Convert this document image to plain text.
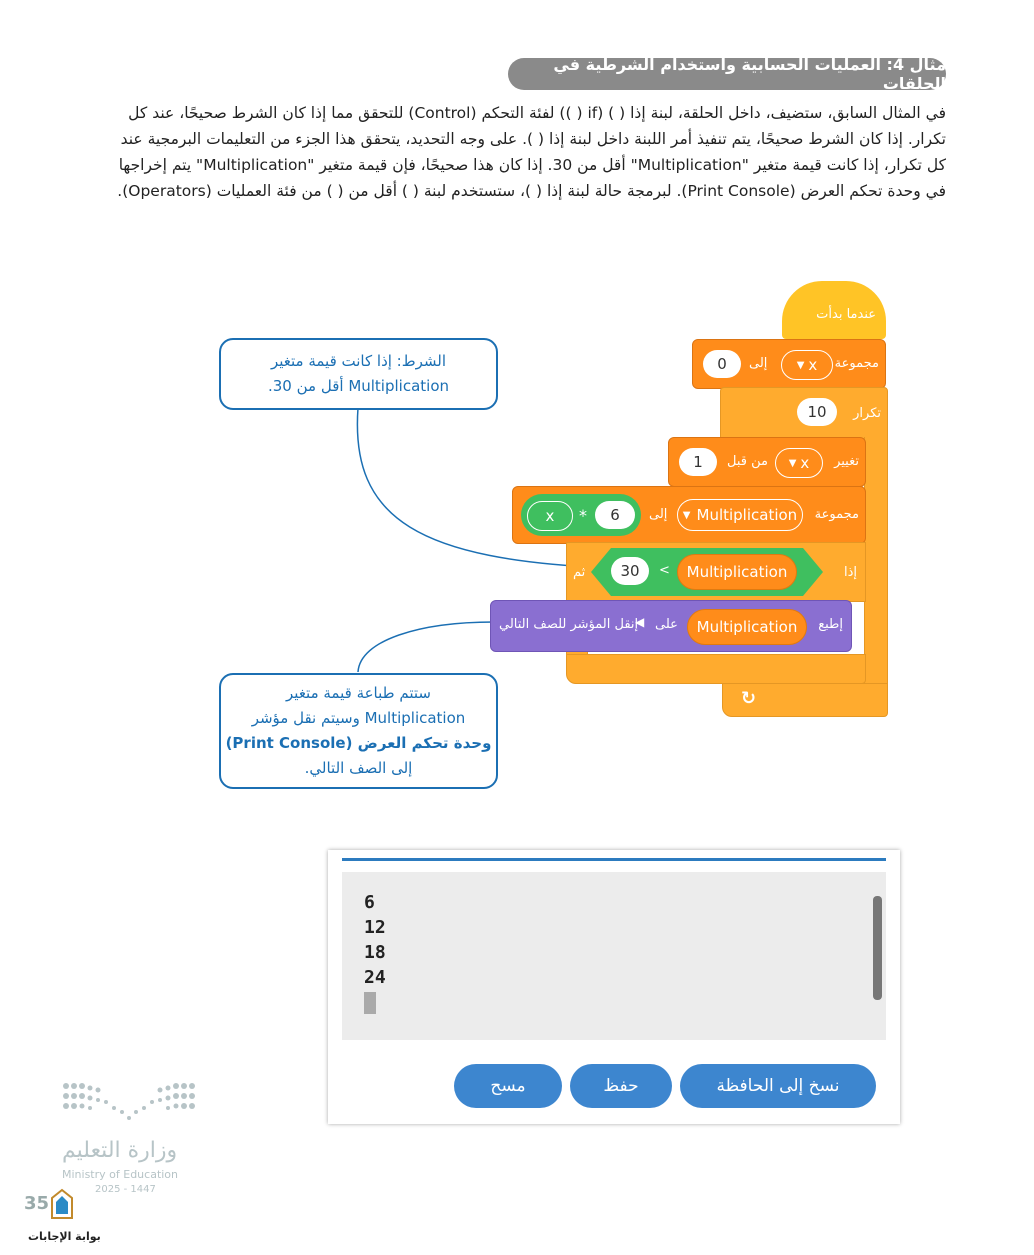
مثال 4: العمليات الحسابية واستخدام الشرطية في الحلقات
في المثال السابق، ستضيف، داخل الحلقة، لبنة إذا ( ) (if ( )) لفئة التحكم (Control) للتحقق مما إذا كان الشرط صحيحًا، عند كل
تكرار. إذا كان الشرط صحيحًا، يتم تنفيذ أمر اللبنة داخل لبنة إذا ( ). على وجه التحديد، يتحقق هذا الجزء من التعليمات البرمجية عند
كل تكرار، إذا كانت قيمة متغير "Multiplication" أقل من 30. إذا كان هذا صحيحًا، فإن قيمة متغير "Multiplication" يتم إخراجها
في وحدة تحكم العرض (Print Console). لبرمجة حالة لبنة إذا ( )، ستستخدم لبنة ( ) أقل من ( ) من فئة العمليات (Operators).
الشرط: إذا كانت قيمة متغير
Multiplication أقل من 30.
ستتم طباعة قيمة متغير
Multiplication وسيتم نقل مؤشر
وحدة تحكم العرض (Print Console)
إلى الصف التالي.
عندما بدأت
مجموعة
▼ x
إلى
0
تكرار
10
↻
تغيير
▼ x
من قبل
1
مجموعة
▼ Multiplication
إلى
x	*	6
إذا
30	>	Multiplication
ثم
إطبع
Multiplication
على
◀
إنقل المؤشر للصف التالي
6
12
18
24
نسخ إلى الحافظة
حفظ
مسح
وزارة التعليم
Ministry of Education
2025 - 1447
35
بوابة الإجابات
